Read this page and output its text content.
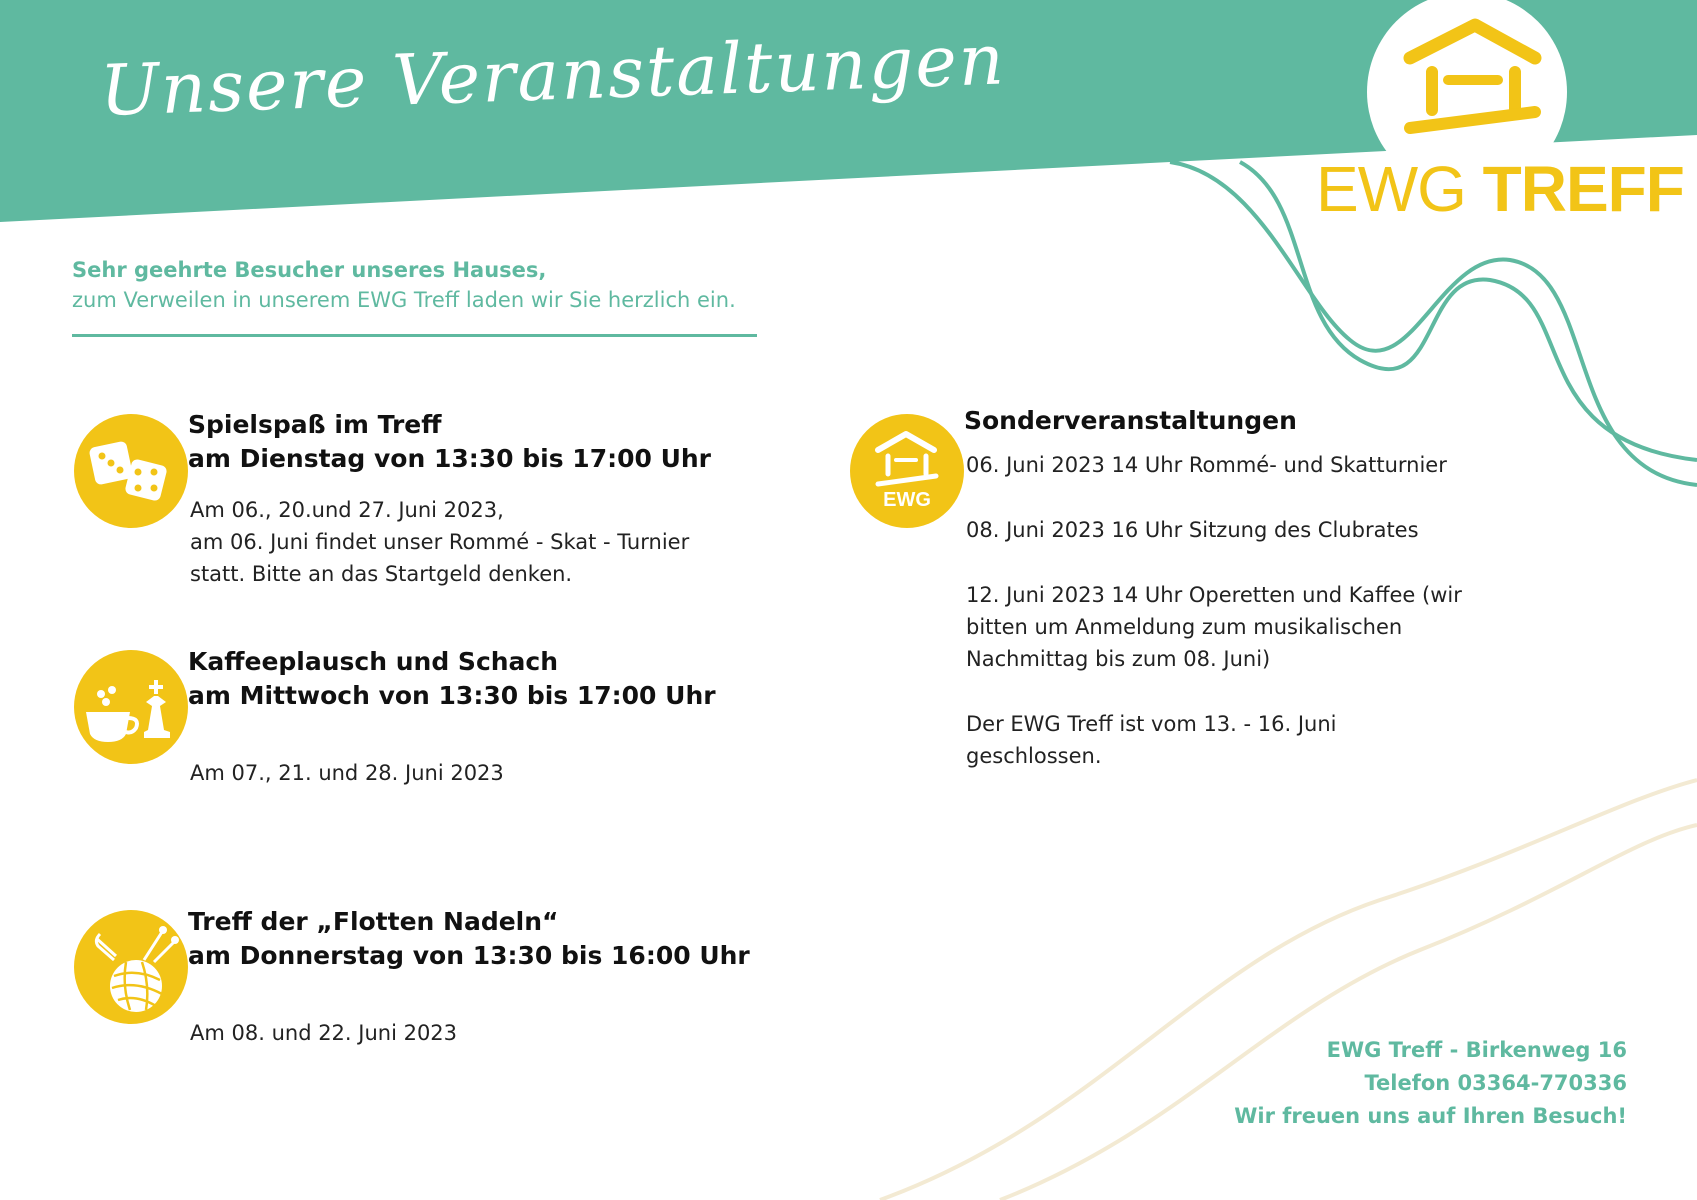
Unsere Veranstaltungen
EWG TREFF

Sehr geehrte Besucher unseres Hauses,

zum Verweilen in unserem EWG Treff laden wir Sie herzlich ein.

Spielspaß im Treff

am Dienstag von 13:30 bis 17:00 Uhr

Am 06., 20.und 27. Juni 2023,
am 06. Juni findet unser Rommé - Skat - Turnier
statt. Bitte an das Startgeld denken.

Kaffeeplausch und Schach

am Mittwoch von 13:30 bis 17:00 Uhr

Am 07., 21. und 28. Juni 2023

Treff der „Flotten Nadeln“

am Donnerstag von 13:30 bis 16:00 Uhr

Am 08. und 22. Juni 2023
EWG

Sonderveranstaltungen

06. Juni 2023 14 Uhr Rommé- und Skatturnier
08. Juni 2023 16 Uhr Sitzung des Clubrates
12. Juni 2023 14 Uhr Operetten und Kaffee (wir
bitten um Anmeldung zum musikalischen
Nachmittag bis zum 08. Juni)
Der EWG Treff ist vom 13. - 16. Juni
geschlossen.
EWG Treff - Birkenweg 16
Telefon 03364-770336
Wir freuen uns auf Ihren Besuch!
